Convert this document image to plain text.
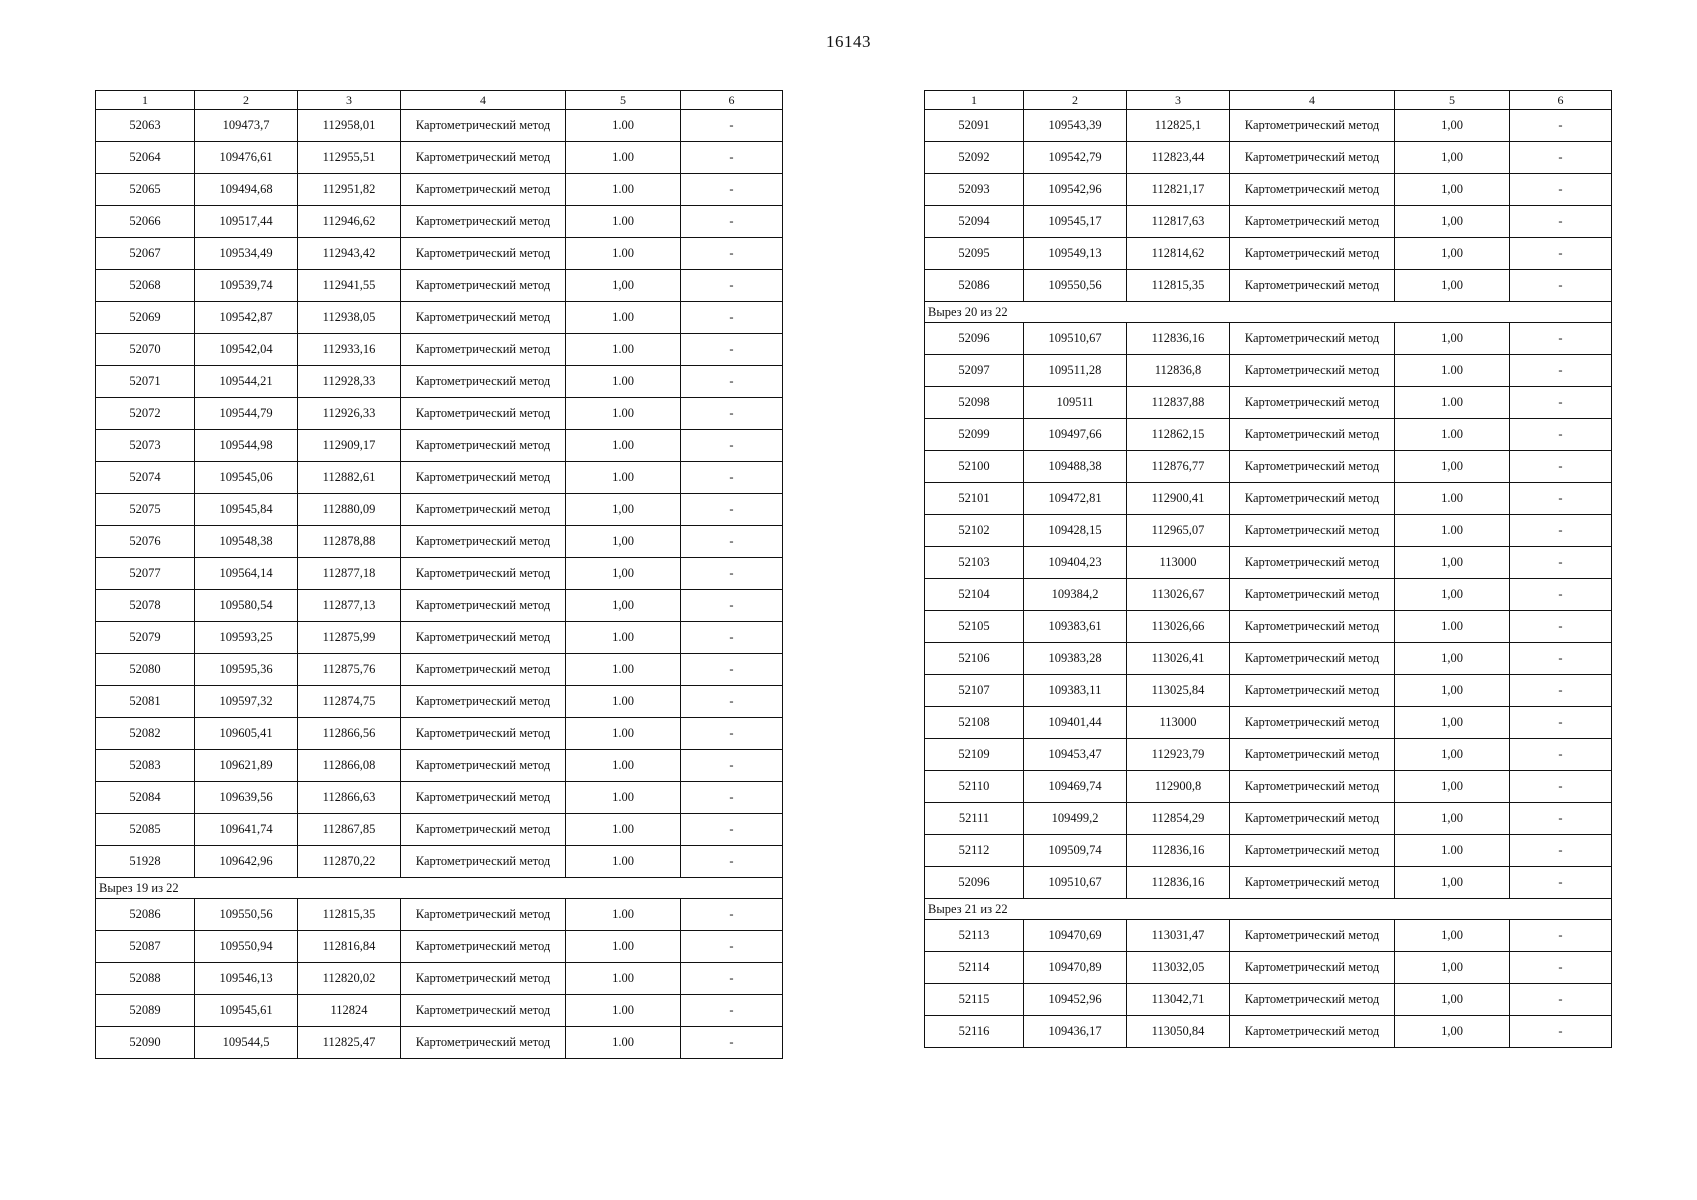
16143
1	2	3	4	5	6
52063	109473,7	112958,01	Картометрический метод	1.00	-
52064	109476,61	112955,51	Картометрический метод	1.00	-
52065	109494,68	112951,82	Картометрический метод	1.00	-
52066	109517,44	112946,62	Картометрический метод	1.00	-
52067	109534,49	112943,42	Картометрический метод	1.00	-
52068	109539,74	112941,55	Картометрический метод	1,00	-
52069	109542,87	112938,05	Картометрический метод	1.00	-
52070	109542,04	112933,16	Картометрический метод	1.00	-
52071	109544,21	112928,33	Картометрический метод	1.00	-
52072	109544,79	112926,33	Картометрический метод	1.00	-
52073	109544,98	112909,17	Картометрический метод	1.00	-
52074	109545,06	112882,61	Картометрический метод	1.00	-
52075	109545,84	112880,09	Картометрический метод	1,00	-
52076	109548,38	112878,88	Картометрический метод	1,00	-
52077	109564,14	112877,18	Картометрический метод	1,00	-
52078	109580,54	112877,13	Картометрический метод	1,00	-
52079	109593,25	112875,99	Картометрический метод	1.00	-
52080	109595,36	112875,76	Картометрический метод	1.00	-
52081	109597,32	112874,75	Картометрический метод	1.00	-
52082	109605,41	112866,56	Картометрический метод	1.00	-
52083	109621,89	112866,08	Картометрический метод	1.00	-
52084	109639,56	112866,63	Картометрический метод	1.00	-
52085	109641,74	112867,85	Картометрический метод	1.00	-
51928	109642,96	112870,22	Картометрический метод	1.00	-
Вырез 19 из 22					
52086	109550,56	112815,35	Картометрический метод	1.00	-
52087	109550,94	112816,84	Картометрический метод	1.00	-
52088	109546,13	112820,02	Картометрический метод	1.00	-
52089	109545,61	112824	Картометрический метод	1.00	-
52090	109544,5	112825,47	Картометрический метод	1.00	-
1	2	3	4	5	6
52091	109543,39	112825,1	Картометрический метод	1,00	-
52092	109542,79	112823,44	Картометрический метод	1,00	-
52093	109542,96	112821,17	Картометрический метод	1,00	-
52094	109545,17	112817,63	Картометрический метод	1,00	-
52095	109549,13	112814,62	Картометрический метод	1,00	-
52086	109550,56	112815,35	Картометрический метод	1,00	-
Вырез 20 из 22					
52096	109510,67	112836,16	Картометрический метод	1,00	-
52097	109511,28	112836,8	Картометрический метод	1.00	-
52098	109511	112837,88	Картометрический метод	1.00	-
52099	109497,66	112862,15	Картометрический метод	1.00	-
52100	109488,38	112876,77	Картометрический метод	1,00	-
52101	109472,81	112900,41	Картометрический метод	1.00	-
52102	109428,15	112965,07	Картометрический метод	1.00	-
52103	109404,23	113000	Картометрический метод	1,00	-
52104	109384,2	113026,67	Картометрический метод	1,00	-
52105	109383,61	113026,66	Картометрический метод	1.00	-
52106	109383,28	113026,41	Картометрический метод	1,00	-
52107	109383,11	113025,84	Картометрический метод	1,00	-
52108	109401,44	113000	Картометрический метод	1,00	-
52109	109453,47	112923,79	Картометрический метод	1,00	-
52110	109469,74	112900,8	Картометрический метод	1,00	-
52111	109499,2	112854,29	Картометрический метод	1,00	-
52112	109509,74	112836,16	Картометрический метод	1.00	-
52096	109510,67	112836,16	Картометрический метод	1,00	-
Вырез 21 из 22					
52113	109470,69	113031,47	Картометрический метод	1,00	-
52114	109470,89	113032,05	Картометрический метод	1,00	-
52115	109452,96	113042,71	Картометрический метод	1,00	-
52116	109436,17	113050,84	Картометрический метод	1,00	-
